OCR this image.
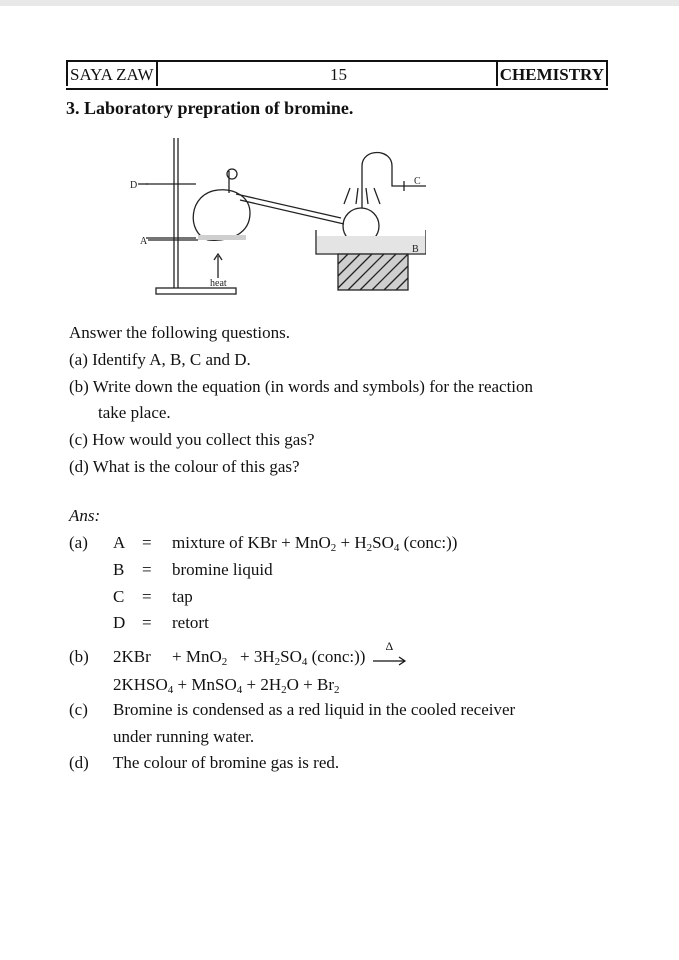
SAYA ZAW	15	CHEMISTRY
3. Laboratory prepration of bromine.
D
A
C
B
heat
Answer the following questions.
(a) Identify A, B, C and D.
(b) Write down the equation (in words and symbols) for the reaction
take place.
(c) How would you collect this gas?
(d) What is the colour of this gas?
Ans:
(a) A = mixture of KBr + $MnO_2 + H_2SO_4$ (conc:))
B = bromine liquid
C = tap
D = retort
(b) $2KBr + MnO_2 + 3H_2SO_4$ (conc:))
Δ
$2KHSO_4$ + MnSO$_4$ + $2H_2O + Br_2$
(c) Bromine is condensed as a red liquid in the cooled receiver
under running water.
(d) The colour of bromine gas is red.
